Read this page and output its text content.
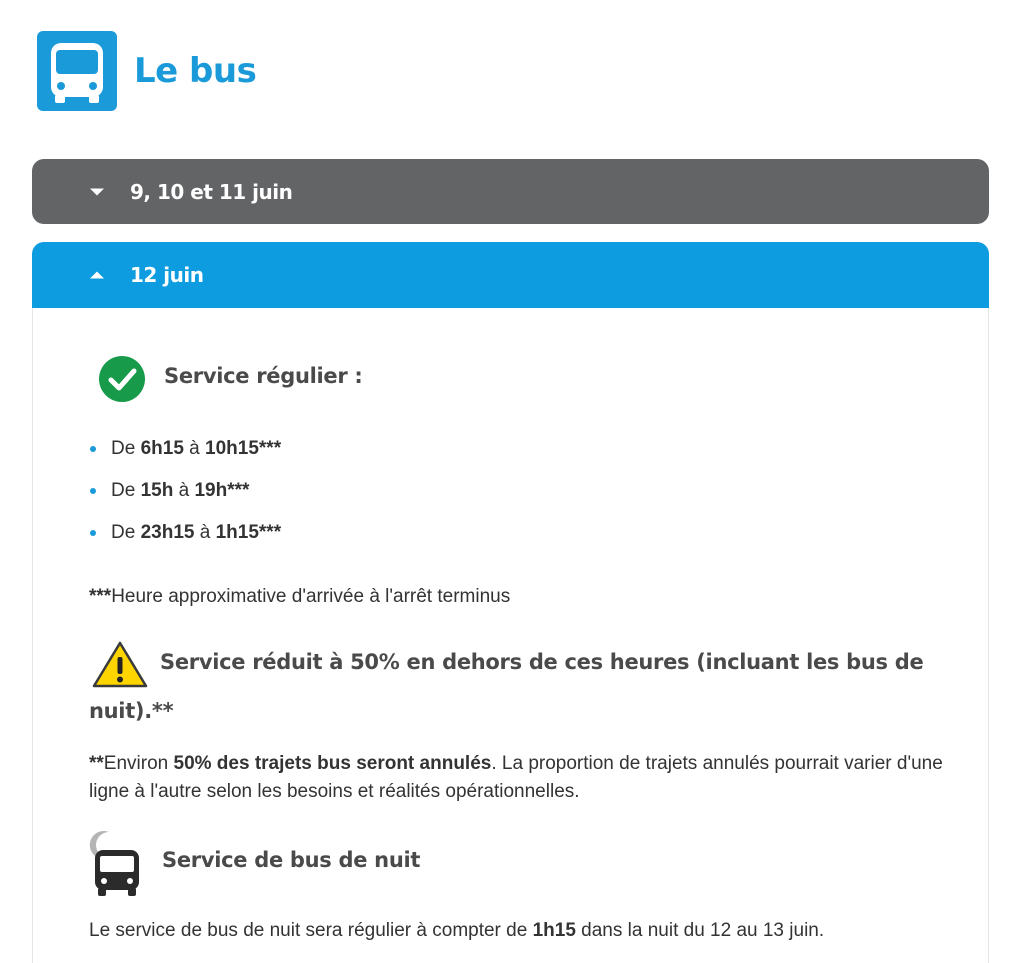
Le bus
9, 10 et 11 juin
12 juin
Service régulier :
De 6h15 à 10h15***
De 15h à 19h***
De 23h15 à 1h15***
***Heure approximative d'arrivée à l'arrêt terminus
Service réduit à 50% en dehors de ces heures (incluant les bus de
nuit).**
**Environ 50% des trajets bus seront annulés. La proportion de trajets annulés pourrait varier d'une ligne à l'autre selon les besoins et réalités opérationnelles.
Service de bus de nuit
Le service de bus de nuit sera régulier à compter de 1h15 dans la nuit du 12 au 13 juin.
